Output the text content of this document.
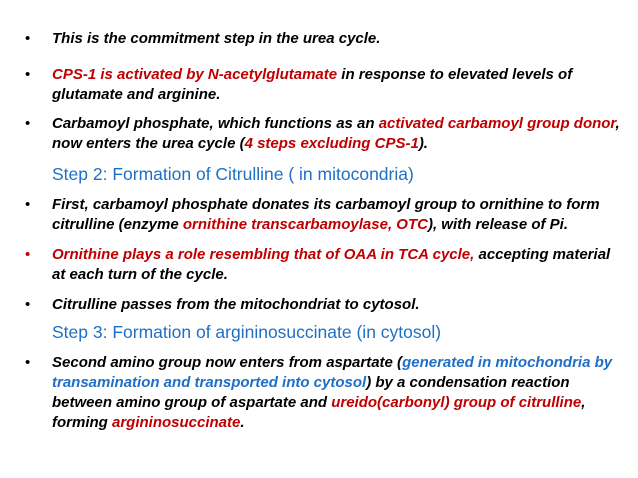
• This is the commitment step in the urea cycle.
• CPS-1 is activated by N-acetylglutamate in response to elevated levels of glutamate and arginine.
• Carbamoyl phosphate, which functions as an activated carbamoyl group donor, now enters the urea cycle (4 steps excluding CPS-1).
Step 2: Formation of Citrulline ( in mitocondria)
• First, carbamoyl phosphate donates its carbamoyl group to ornithine to form citrulline (enzyme ornithine transcarbamoylase, OTC), with release of Pi.
• Ornithine plays a role resembling that of OAA in TCA cycle, accepting material at each turn of the cycle.
• Citrulline passes from the mitochondriat to cytosol.
Step 3: Formation of argininosuccinate (in cytosol)
• Second amino group now enters from aspartate (generated in mitochondria by transamination and transported into cytosol) by a condensation reaction between amino group of aspartate and ureido(carbonyl) group of citrulline, forming argininosuccinate.
